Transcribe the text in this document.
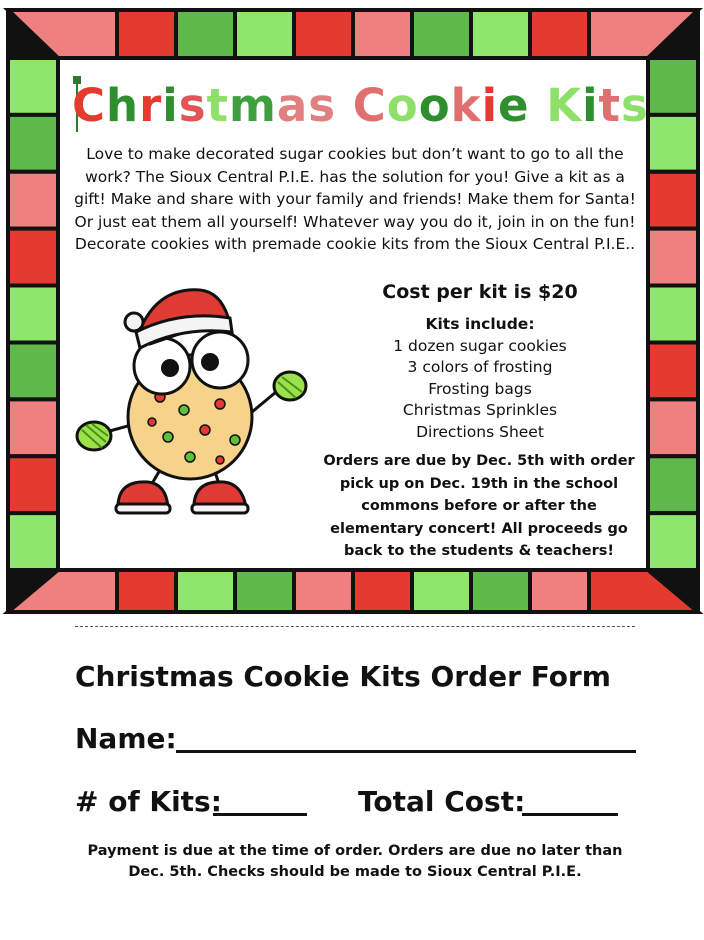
Christmas Cookie Kits
Love to make decorated sugar cookies but don’t want to go to all the work? The Sioux Central P.I.E. has the solution for you! Give a kit as a gift! Make and share with your family and friends! Make them for Santa! Or just eat them all yourself! Whatever way you do it, join in on the fun! Decorate cookies with premade cookie kits from the Sioux Central P.I.E..
Cost per kit is $20
Kits include:
1 dozen sugar cookies
3 colors of frosting
Frosting bags
Christmas Sprinkles
Directions Sheet
Orders are due by Dec. 5th with order pick up on Dec. 19th in the school commons before or after the elementary concert! All proceeds go back to the students & teachers!
Christmas Cookie Kits Order Form
Name:
# of Kits:	Total Cost:
Payment is due at the time of order. Orders are due no later than Dec. 5th. Checks should be made to Sioux Central P.I.E.
